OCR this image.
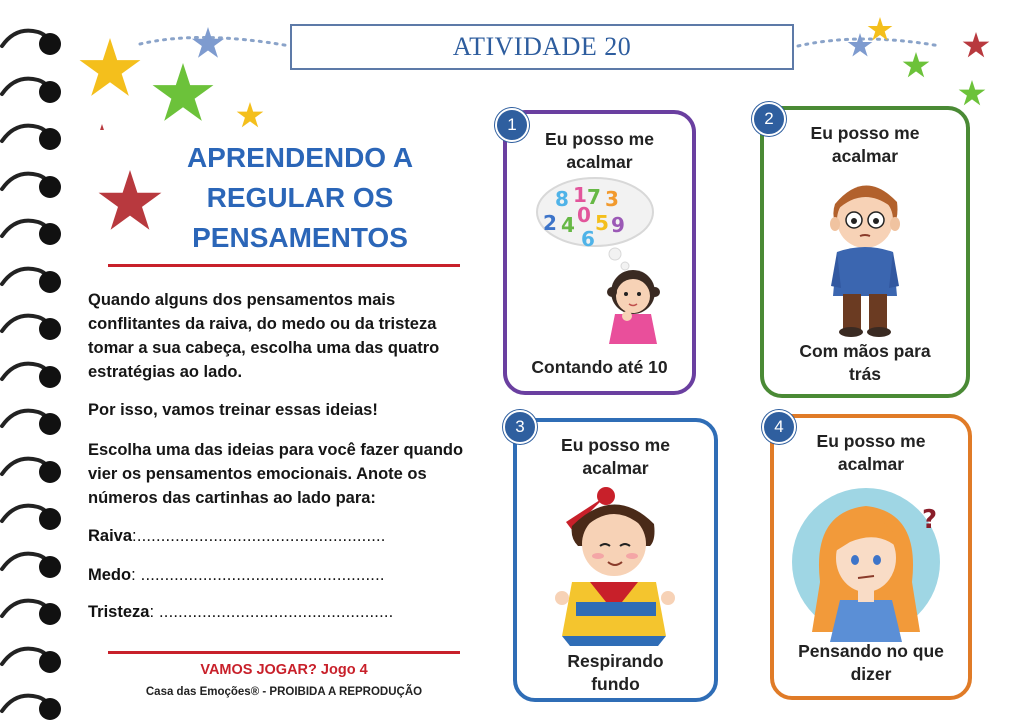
ATIVIDADE 20
APRENDENDO A
REGULAR OS
PENSAMENTOS
Quando alguns dos pensamentos mais conflitantes da raiva, do medo ou da tristeza tomar a sua cabeça, escolha uma das quatro estratégias ao lado.
Por isso, vamos treinar essas ideias!
Escolha uma das ideias para você fazer quando vier os pensamentos emocionais. Anote os números das cartinhas ao lado para:
Raiva:....................................................
Medo: ...................................................
Tristeza: .................................................
VAMOS JOGAR? Jogo 4
Casa das Emoções® - PROIBIDA A REPRODUÇÃO
Eu posso me acalmar
8 1 7 3
2 4 0 5 9
6
Contando até 10
1	Eu posso me acalmar
Com mãos para trás
2
Eu posso me acalmar
Respirando fundo
3
Eu posso me acalmar
?
Pensando no que dizer
4
